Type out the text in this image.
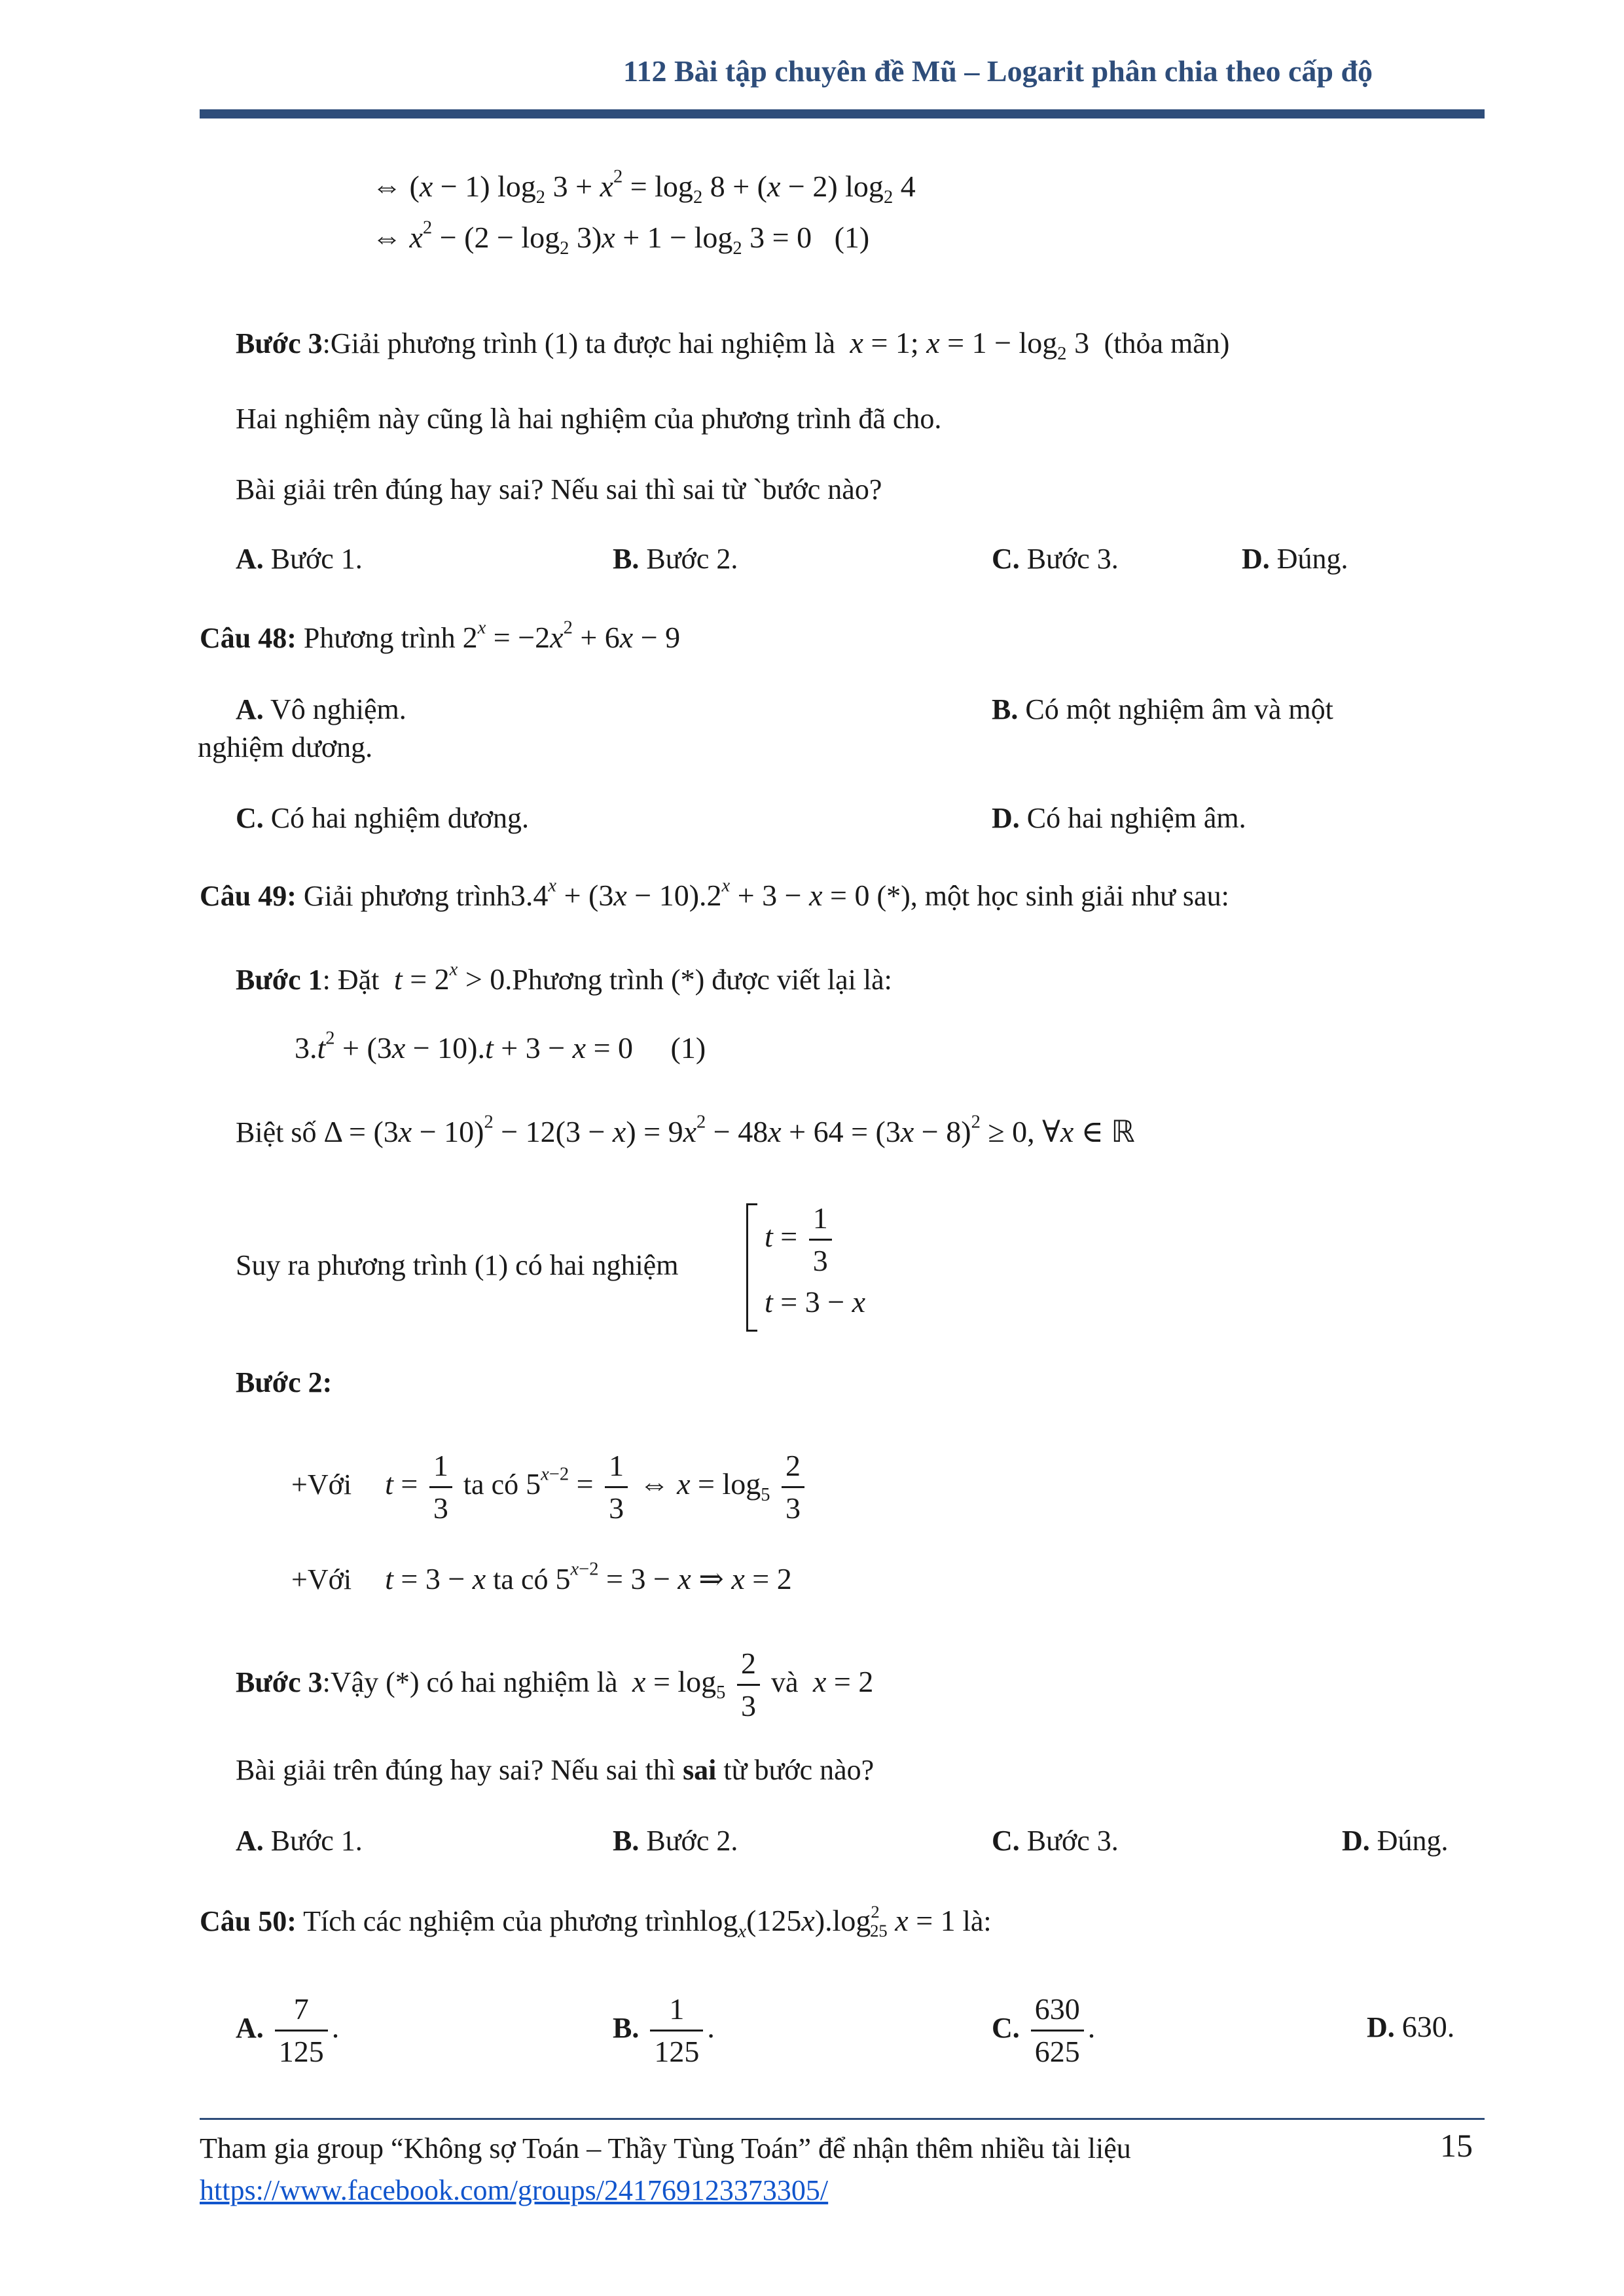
112 Bài tập chuyên đề Mũ – Logarit phân chia theo cấp độ
⇔ (x − 1) $\log_2 3 + x^2 = \log_2 8 + (x - 2)$ $\log_2 4$
⇔ $x^2 - (2 - \log_2 3)x + 1 - \log_2 3 = 0$   (1)
Bước 3:Giải phương trình (1) ta được hai nghiệm là x = 1; $x = 1 - \log_2 3$  (thỏa mãn)
Hai nghiệm này cũng là hai nghiệm của phương trình đã cho.
Bài giải trên đúng hay sai? Nếu sai thì sai từ `bước nào?
A. Bước 1.	B. Bước 2.	C. Bước 3.	D. Đúng.
Câu 48: Phương trình $2^x = -2x^2 + 6x - 9$
A. Vô nghiệm.	B. Có một nghiệm âm và một
nghiệm dương.
C. Có hai nghiệm dương.	D. Có hai nghiệm âm.
Câu 49: Giải phương $trình3.4^x + (3x - 10).2^x + 3 - x = 0$ (*), một học sinh giải như sau:
Bước 1: Đặt $t = 2^x$ > 0.Phương trình (*) được viết lại là:
$3.t^2 + (3x - 10).t + 3 - x = 0$     (1)
Biệt số $\Delta = (3x - 10)^2 - 12(3 - x) = 9x^2 - 48x + 64 = (3x - 8)^2 \ge 0$, ∀x ∈ ℝ
Suy ra phương trình (1) có hai nghiệm
$t = \frac{1}{3}$
t = 3 − x
Bước 2:
+Với $t = \frac{1}{3}$ ta có $5^{x-2} = \frac{1}{3}$ ⇔ $x = \log_5 \frac{2}{3}$
+Với t = 3 − x ta có $5^{x-2} = 3 - x$ ⇒ x = 2
Bước 3:Vậy (*) có hai nghiệm là $x = \log_5 \frac{2}{3}$ và x = 2
Bài giải trên đúng hay sai? Nếu sai thì sai từ bước nào?
A. Bước 1.	B. Bước 2.	C. Bước 3.	D. Đúng.
Câu 50: Tích các nghiệm của phương $trìnhlog_x(125x).\log^2_{25}$ x = 1 là:
A. $\frac{7}{125}$ .	B. $\frac{1}{125}$ .	C. $\frac{630}{625}$ .	D. 630.
Tham gia group “Không sợ Toán – Thầy Tùng Toán” để nhận thêm nhiều tài liệu
https://www.facebook.com/groups/241769123373305/
15
